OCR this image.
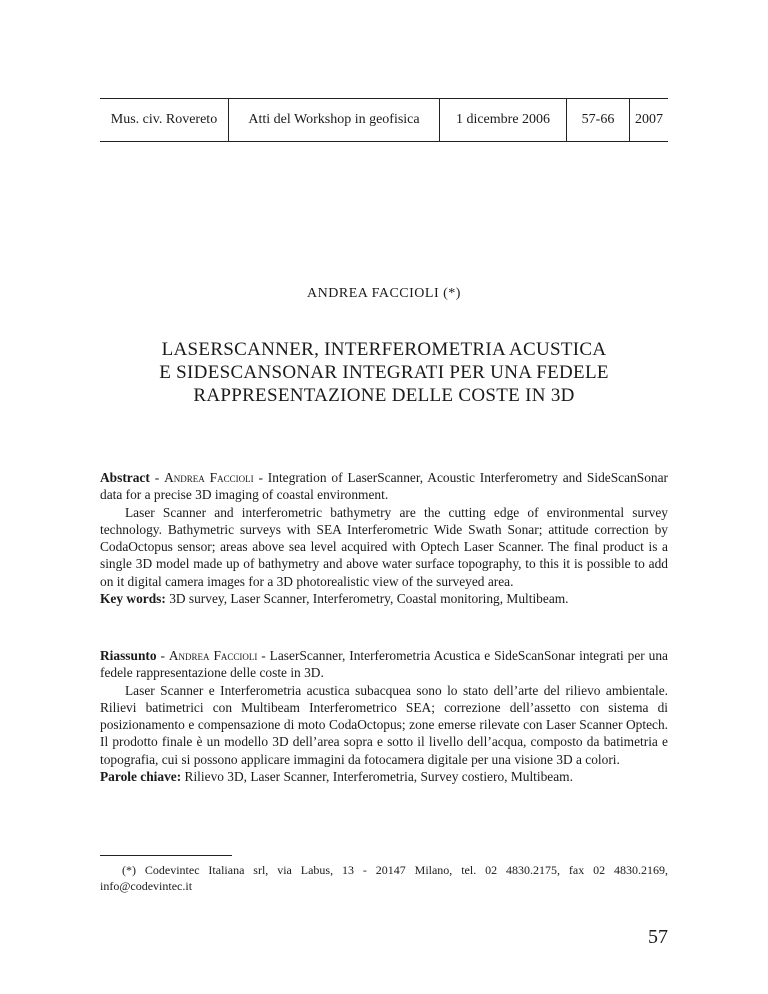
Mus. civ. Rovereto	Atti del Workshop in geofisica	1 dicembre 2006	57-66	2007
ANDREA FACCIOLI (*)
LASERSCANNER, INTERFEROMETRIA ACUSTICA
E SIDESCANSONAR INTEGRATI PER UNA FEDELE
RAPPRESENTAZIONE DELLE COSTE IN 3D

Abstract - Andrea Faccioli - Integration of LaserScanner, Acoustic Interferometry and SideScanSonar data for a precise 3D imaging of coastal environment.

Laser Scanner and interferometric bathymetry are the cutting edge of environmental survey technology. Bathymetric surveys with SEA Interferometric Wide Swath Sonar; attitude correction by CodaOctopus sensor; areas above sea level acquired with Optech Laser Scanner. The final product is a single 3D model made up of bathymetry and above water surface topography, to this it is possible to add on it digital camera images for a 3D photorealistic view of the surveyed area.

Key words: 3D survey, Laser Scanner, Interferometry, Coastal monitoring, Multibeam.

Riassunto - Andrea Faccioli - LaserScanner, Interferometria Acustica e SideScanSonar integrati per una fedele rappresentazione delle coste in 3D.

Laser Scanner e Interferometria acustica subacquea sono lo stato dell’arte del rilievo ambientale. Rilievi batimetrici con Multibeam Interferometrico SEA; correzione dell’assetto con sistema di posizionamento e compensazione di moto CodaOctopus; zone emerse rilevate con Laser Scanner Optech. Il prodotto finale è un modello 3D dell’area sopra e sotto il livello dell’acqua, composto da batimetria e topografia, cui si possono applicare immagini da fotocamera digitale per una visione 3D a colori.

Parole chiave: Rilievo 3D, Laser Scanner, Interferometria, Survey costiero, Multibeam.

(*) Codevintec Italiana srl, via Labus, 13 - 20147 Milano, tel. 02 4830.2175, fax 02 4830.2169, info@codevintec.it

57
